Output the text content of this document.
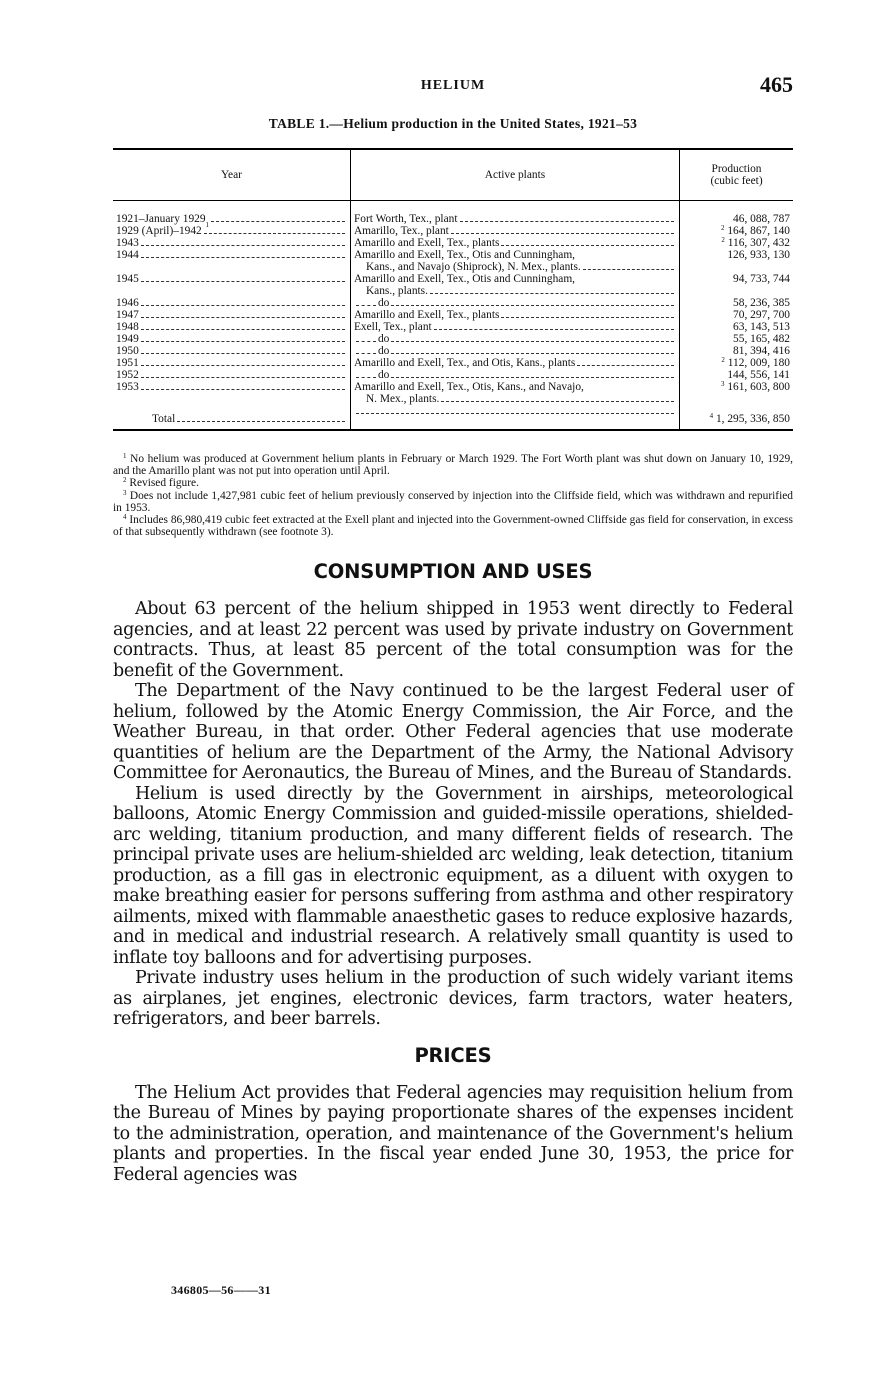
HELIUM	465
TABLE 1.—Helium production in the United States, 1921–53
Year	Active plants	Production
(cubic feet)

1921–January 1929 1	Fort Worth, Tex., plant	46, 088, 787

1929 (April)–1942	Amarillo, Tex., plant	$^2$ 164, 867, 140

1943	Amarillo and Exell, Tex., plants	$^2$ 116, 307, 432

1944	Amarillo and Exell, Tex., Otis and Cunningham,
Kans., and Navajo (Shiprock), N. Mex., plants.	126, 933, 130

1945	Amarillo and Exell, Tex., Otis and Cunningham,
Kans., plants.	94, 733, 744

1946	do	58, 236, 385

1947	Amarillo and Exell, Tex., plants	70, 297, 700

1948	Exell, Tex., plant	63, 143, 513

1949	do	55, 165, 482

1950	do	81, 394, 416

1951	Amarillo and Exell, Tex., and Otis, Kans., plants	$^2$ 112, 009, 180

1952	do	144, 556, 141

1953	Amarillo and Exell, Tex., Otis, Kans., and Navajo,
N. Mex., plants.	$^3$ 161, 603, 800

Total		$^4$ 1, 295, 336, 850

$^1$ No helium was produced at Government helium plants in February or March 1929. The Fort Worth plant was shut down on January 10, 1929, and the Amarillo plant was not put into operation until April.

$^2$ Revised figure.

$^3$ Does not include 1,427,981 cubic feet of helium previously conserved by injection into the Cliffside field, which was withdrawn and repurified in 1953.

$^4$ Includes 86,980,419 cubic feet extracted at the Exell plant and injected into the Government-owned Cliffside gas field for conservation, in excess of that subsequently withdrawn (see footnote 3).

CONSUMPTION AND USES

About 63 percent of the helium shipped in 1953 went directly to Federal agencies, and at least 22 percent was used by private industry on Government contracts. Thus, at least 85 percent of the total consumption was for the benefit of the Government.

The Department of the Navy continued to be the largest Federal user of helium, followed by the Atomic Energy Commission, the Air Force, and the Weather Bureau, in that order. Other Federal agencies that use moderate quantities of helium are the Department of the Army, the National Advisory Committee for Aeronautics, the Bureau of Mines, and the Bureau of Standards.

Helium is used directly by the Government in airships, meteorological balloons, Atomic Energy Commission and guided-missile operations, shielded-arc welding, titanium production, and many different fields of research. The principal private uses are helium-shielded arc welding, leak detection, titanium production, as a fill gas in electronic equipment, as a diluent with oxygen to make breathing easier for persons suffering from asthma and other respiratory ailments, mixed with flammable anaesthetic gases to reduce explosive hazards, and in medical and industrial research. A relatively small quantity is used to inflate toy balloons and for advertising purposes.

Private industry uses helium in the production of such widely variant items as airplanes, jet engines, electronic devices, farm tractors, water heaters, refrigerators, and beer barrels.

PRICES

The Helium Act provides that Federal agencies may requisition helium from the Bureau of Mines by paying proportionate shares of the expenses incident to the administration, operation, and maintenance of the Government's helium plants and properties. In the fiscal year ended June 30, 1953, the price for Federal agencies was

346805—56——31
